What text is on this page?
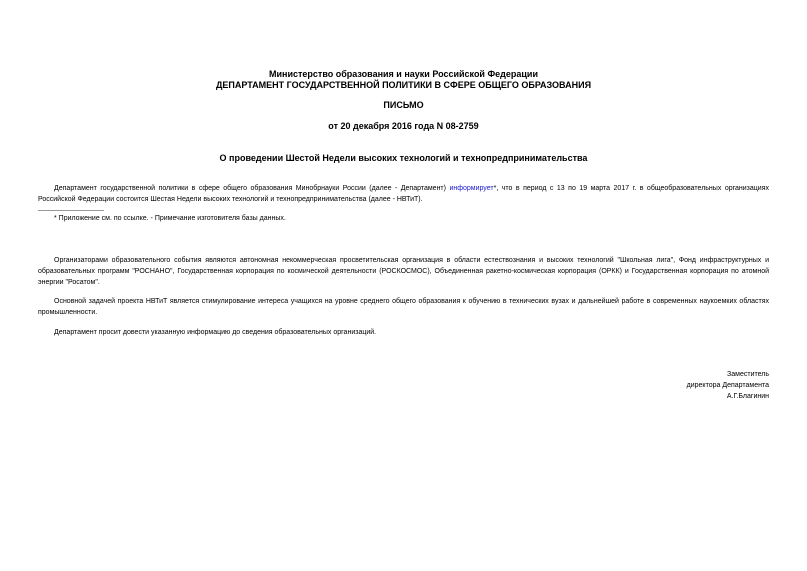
Министерство образования и науки Российской Федерации
ДЕПАРТАМЕНТ ГОСУДАРСТВЕННОЙ ПОЛИТИКИ В СФЕРЕ ОБЩЕГО ОБРАЗОВАНИЯ
ПИСЬМО
от 20 декабря 2016 года N 08-2759
О проведении Шестой Недели высоких технологий и технопредпринимательства
Департамент государственной политики в сфере общего образования Минобрнауки России (далее - Департамент) информирует*, что в период с 13 по 19 марта 2017 г. в общеобразовательных организациях Российской Федерации состоится Шестая Недели высоких технологий и технопредпринимательства (далее - НВТиТ).
* Приложение см. по ссылке. - Примечание изготовителя базы данных.
Организаторами образовательного события являются автономная некоммерческая просветительская организация в области естествознания и высоких технологий "Школьная лига", Фонд инфраструктурных и образовательных программ "РОСНАНО", Государственная корпорация по космической деятельности (РОСКОСМОС), Объединенная ракетно-космическая корпорация (ОРКК) и Государственная корпорация по атомной энергии "Росатом".
Основной задачей проекта НВТиТ является стимулирование интереса учащихся на уровне среднего общего образования к обучению в технических вузах и дальнейшей работе в современных наукоемких областях промышленности.
Департамент просит довести указанную информацию до сведения образовательных организаций.
Заместитель
директора Департамента
А.Г.Благинин
